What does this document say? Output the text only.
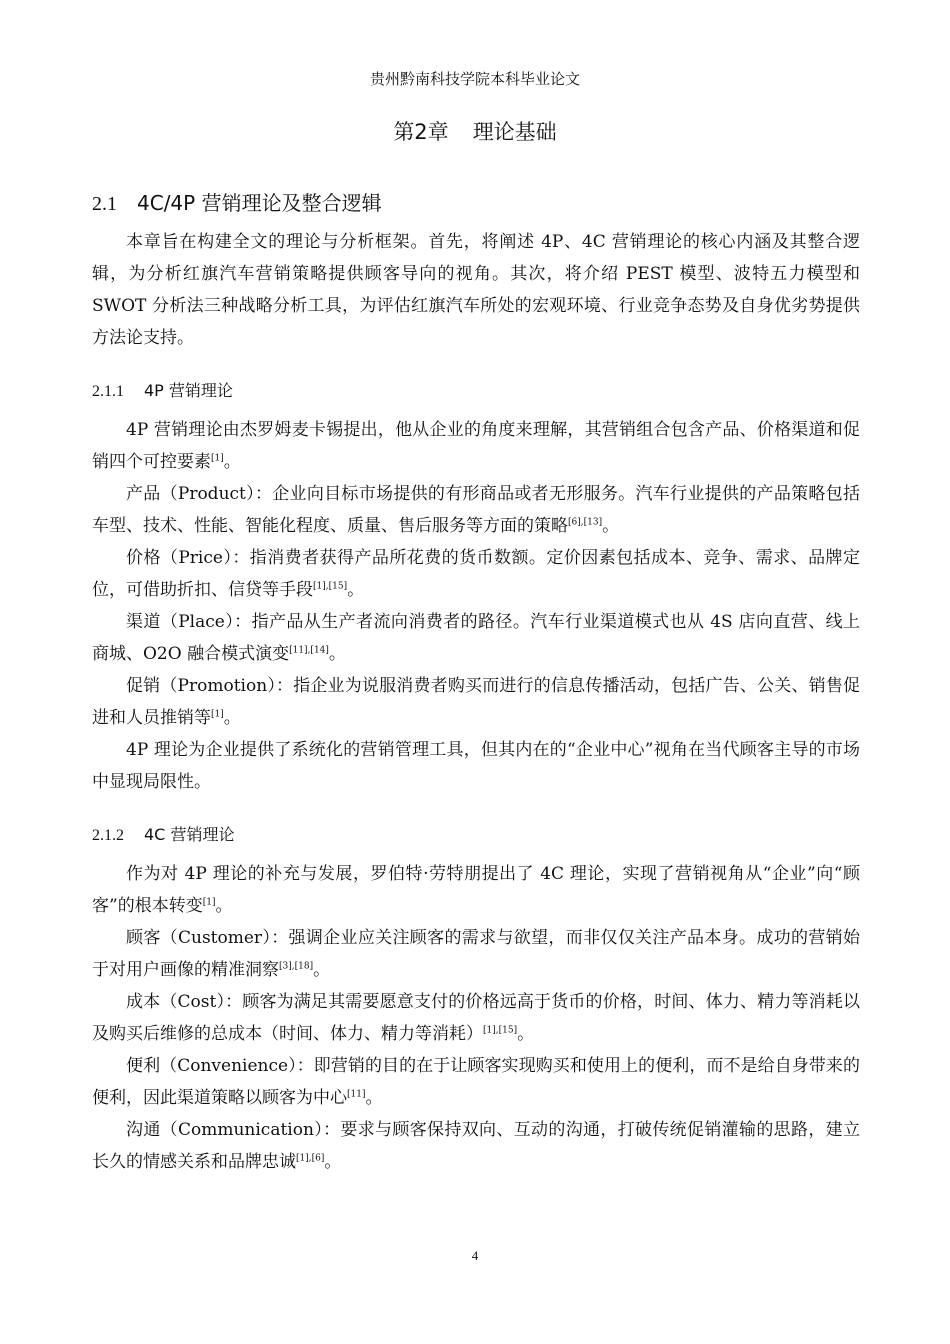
贵州黔南科技学院本科毕业论文
第2章 理论基础
2.1 4C/4P 营销理论及整合逻辑

本章旨在构建全文的理论与分析框架。首先，将阐述 4P、4C 营销理论的核心内涵及其整合逻辑，为分析红旗汽车营销策略提供顾客导向的视角。其次，将介绍 PEST 模型、波特五力模型和 SWOT 分析法三种战略分析工具，为评估红旗汽车所处的宏观环境、行业竞争态势及自身优劣势提供方法论支持。

2.1.1 4P 营销理论

4P 营销理论由杰罗姆麦卡锡提出，他从企业的角度来理解，其营销组合包含产品、价格渠道和促销四个可控要素[1]。

产品（Product）：企业向目标市场提供的有形商品或者无形服务。汽车行业提供的产品策略包括车型、技术、性能、智能化程度、质量、售后服务等方面的策略[6],[13]。

价格（Price）：指消费者获得产品所花费的货币数额。定价因素包括成本、竞争、需求、品牌定位，可借助折扣、信贷等手段[1],[15]。

渠道（Place）：指产品从生产者流向消费者的路径。汽车行业渠道模式也从 4S 店向直营、线上商城、O2O 融合模式演变[11],[14]。

促销（Promotion）：指企业为说服消费者购买而进行的信息传播活动，包括广告、公关、销售促进和人员推销等[1]。

4P 理论为企业提供了系统化的营销管理工具，但其内在的“企业中心”视角在当代顾客主导的市场中显现局限性。

2.1.2 4C 营销理论

作为对 4P 理论的补充与发展，罗伯特·劳特朋提出了 4C 理论，实现了营销视角从“企业”向“顾客”的根本转变[1]。

顾客（Customer）：强调企业应关注顾客的需求与欲望，而非仅仅关注产品本身。成功的营销始于对用户画像的精准洞察[3],[18]。

成本（Cost）：顾客为满足其需要愿意支付的价格远高于货币的价格，时间、体力、精力等消耗以及购买后维修的总成本（时间、体力、精力等消耗）[1],[15]。

便利（Convenience）：即营销的目的在于让顾客实现购买和使用上的便利，而不是给自身带来的便利，因此渠道策略以顾客为中心[11]。

沟通（Communication）：要求与顾客保持双向、互动的沟通，打破传统促销灌输的思路，建立长久的情感关系和品牌忠诚[1],[6]。

4
